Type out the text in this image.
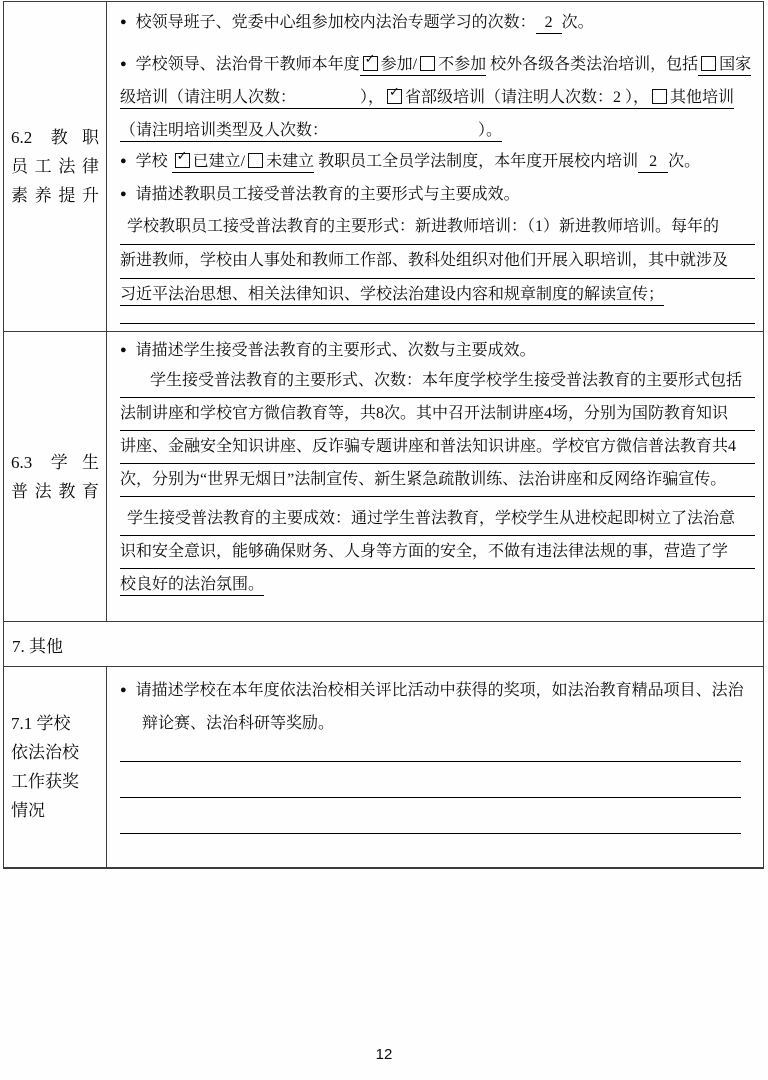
6.2 教职
员工法律
素养提升
● 校领导班子、党委中心组参加校内法治专题学习的次数： 2 次。
● 学校领导、法治骨干教师本年度 ✓ 参加/ 不参加 校外各级各类法治培训，包括 国家
级培训（请注明人次数：	）， ✓ 省部级培训（请注明人次数：2 ）， 其他培训
（请注明培训类型及人次数：	）。
● 学校 ✓ 已建立/ 未建立 教职员工全员学法制度，本年度开展校内培训 2 次。
● 请描述教职员工接受普法教育的主要形式与主要成效。
学校教职员工接受普法教育的主要形式：新进教师培训：（1）新进教师培训。每年的
新进教师，学校由人事处和教师工作部、教科处组织对他们开展入职培训，其中就涉及
习近平法治思想、相关法律知识、学校法治建设内容和规章制度的解读宣传；
6.3 学生
普法教育
● 请描述学生接受普法教育的主要形式、次数与主要成效。
学生接受普法教育的主要形式、次数：本年度学校学生接受普法教育的主要形式包括
法制讲座和学校官方微信教育等，共8次。其中召开法制讲座4场，分别为国防教育知识
讲座、金融安全知识讲座、反诈骗专题讲座和普法知识讲座。学校官方微信普法教育共4
次，分别为“世界无烟日”法制宣传、新生紧急疏散训练、法治讲座和反网络诈骗宣传。
学生接受普法教育的主要成效：通过学生普法教育，学校学生从进校起即树立了法治意
识和安全意识，能够确保财务、人身等方面的安全，不做有违法律法规的事，营造了学
校良好的法治氛围。
7. 其他
7.1 学校
依法治校
工作获奖
情况
● 请描述学校在本年度依法治校相关评比活动中获得的奖项，如法治教育精品项目、法治
辩论赛、法治科研等奖励。
12
